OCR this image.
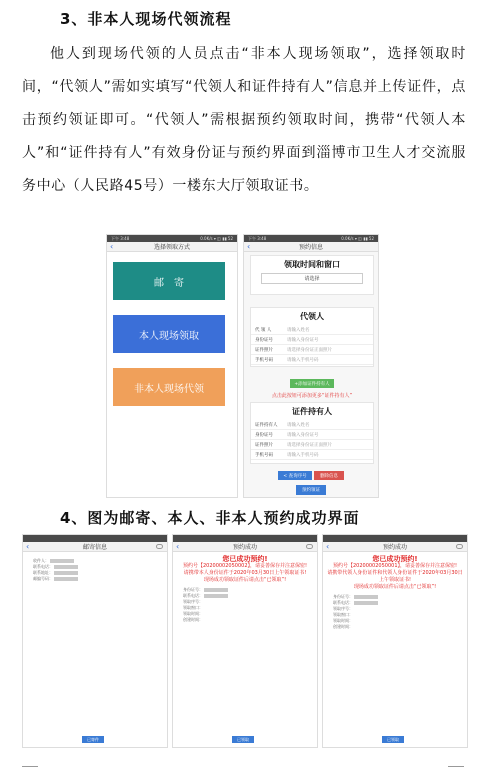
3、非本人现场代领流程
他人到现场代领的人员点击“非本人现场领取”，选择领取时间，“代领人”需如实填写“代领人和证件持有人”信息并上传证件，点击预约领证即可。“代领人”需根据预约领取时间，携带“代领人本人”和“证件持有人”有效身份证与预约界面到淄博市卫生人才交流服务中心（人民路45号）一楼东大厅领取证书。
下午 3:48	0.0K/s ▾ ◫ ▮▮ 52
‹	选择领取方式
邮　寄
本人现场领取
非本人现场代领
下午 3:48	0.0K/s ▾ ◫ ▮▮ 52
‹	预约信息
领取时间和窗口
请选择
代领人
代 领 人	请输入姓名
身份证号	请输入身份证号
证件照片	请选择身份证正面照片
手机号码	请输入手机号码
+添加证件持有人
点击此按钮可添加更多“证件持有人”
证件持有人
证件持有人	请输入姓名
身份证号	请输入身份证号
证件照片	请选择身份证正面照片
手机号码	请输入手机号码
< 查询序号	删除信息
预约领证
4、图为邮寄、本人、非本人预约成功界面
‹	邮寄信息
收件人：
联系电话：
联系地址：
邮编号码：
已寄件
‹	预约成功
您已成功预约!
预约号【20200002050002】，请妥善保存并注意保密!
请携带本人身份证件于2020年03月30日上午领取证书!
现场成功领取证件后请点击“已领取”!
身份证号：
联系电话：
领取序号：
领取窗口：
领取时间：
创建时间：
已领取
‹	预约成功
您已成功预约!
预约号【20200002050001】，请妥善保存并注意保密!
请携带代领人身份证件和代领人身份证件于2020年03月30日上午领取证书!
现场成功领取证件后请点击“已领取”!
身份证号：
联系电话：
领取序号：
领取窗口：
领取时间：
创建时间：
已领取
